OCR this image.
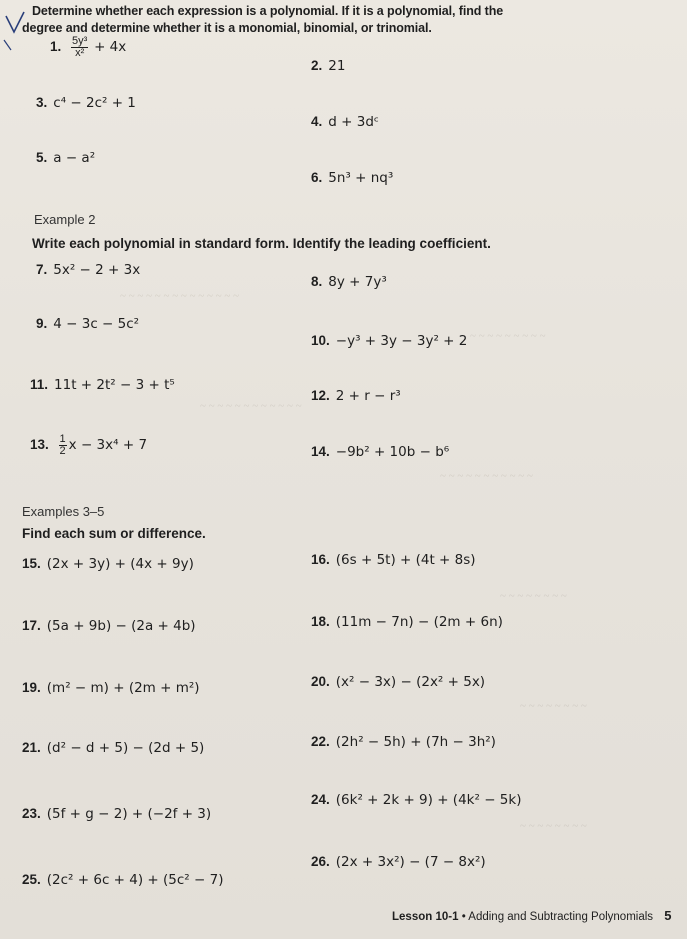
~ ~ ~ ~ ~ ~ ~ ~ ~ ~ ~ ~ ~ ~
~ ~ ~ ~ ~ ~ ~ ~ ~
~ ~ ~ ~ ~ ~ ~ ~ ~ ~ ~ ~
~ ~ ~ ~ ~ ~ ~ ~ ~ ~ ~
~ ~ ~ ~ ~ ~ ~ ~
~ ~ ~ ~ ~ ~ ~ ~
~ ~ ~ ~ ~ ~ ~ ~
Determine whether each expression is a polynomial. If it is a polynomial, find the
degree and determine whether it is a monomial, binomial, or trinomial.
1. $\frac{\text{5y³}}{\text{x²}} + 4x$
2. 21
3. c⁴ − 2c² + 1
4. d + 3dᶜ
5. a − a²
6. 5n³ + nq³
Example 2
Write each polynomial in standard form. Identify the leading coefficient.
7. 5x² − 2 + 3x
8. 8y + 7y³
9. 4 − 3c − 5c²
10. −y³ + 3y − 3y² + 2
11. 11t + 2t² − 3 + t⁵
12. 2 + r − r³
13. $\frac{1}{2}$ x − 3x⁴ + 7	14. −9b² + 10b − b⁶
Examples 3–5
Find each sum or difference.
15. (2x + 3y) + (4x + 9y)	16. (6s + 5t) + (4t + 8s)
17. (5a + 9b) − (2a + 4b)	18. (11m − 7n) − (2m + 6n)
19. (m² − m) + (2m + m²)	20. (x² − 3x) − (2x² + 5x)
21. (d² − d + 5) − (2d + 5)	22. (2h² − 5h) + (7h − 3h²)
23. (5f + g − 2) + (−2f + 3)
24. (6k² + 2k + 9) + (4k² − 5k)
25. (2c² + 6c + 4) + (5c² − 7)
26. (2x + 3x²) − (7 − 8x²)
Lesson 10-1 • Adding and Subtracting Polynomials 5
